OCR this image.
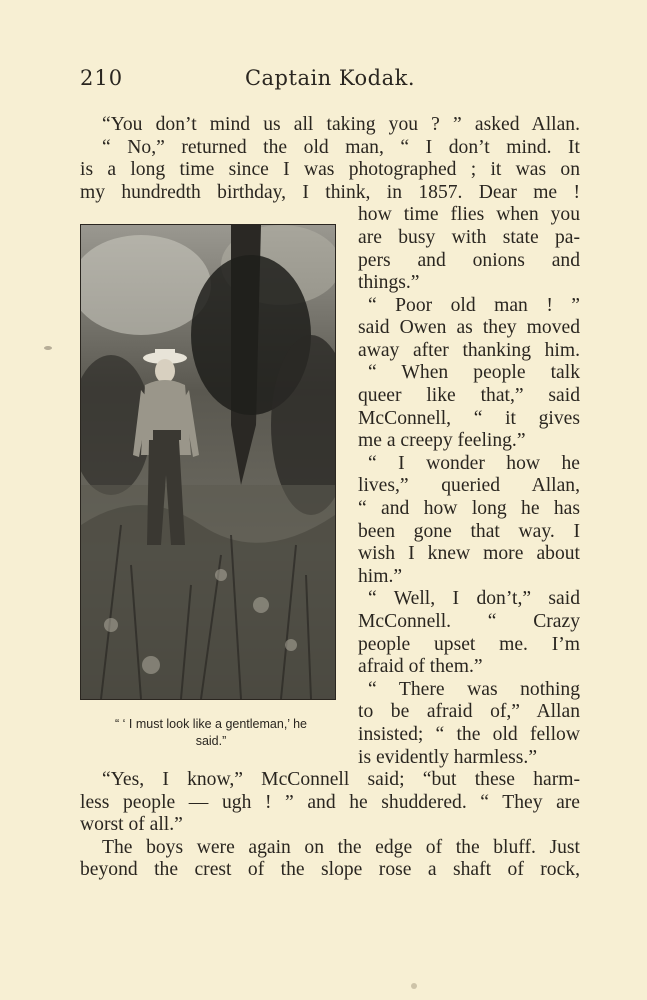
210	Captain Kodak.
“You don’t mind us all taking you ? ” asked Allan.
“ No,” returned the old man, “ I don’t mind. It
is a long time since I was photographed ; it was on
my hundredth birthday, I think, in 1857. Dear me !
“ ‘ I must look like a gentleman,’ he
said.”
how time flies when you
are busy with state pa-
pers and onions and
things.”
“ Poor old man ! ”
said Owen as they moved
away after thanking him.
“ When people talk
queer like that,” said
McConnell, “ it gives
me a creepy feeling.”
“ I wonder how he
lives,” queried Allan,
“ and how long he has
been gone that way. I
wish I knew more about
him.”
“ Well, I don’t,” said
McConnell. “ Crazy
people upset me. I’m
afraid of them.”
“ There was nothing
to be afraid of,” Allan
insisted; “ the old fellow
is evidently harmless.”
“Yes, I know,” McConnell said; “but these harm-
less people — ugh ! ” and he shuddered. “ They are
worst of all.”
The boys were again on the edge of the bluff. Just
beyond the crest of the slope rose a shaft of rock,
